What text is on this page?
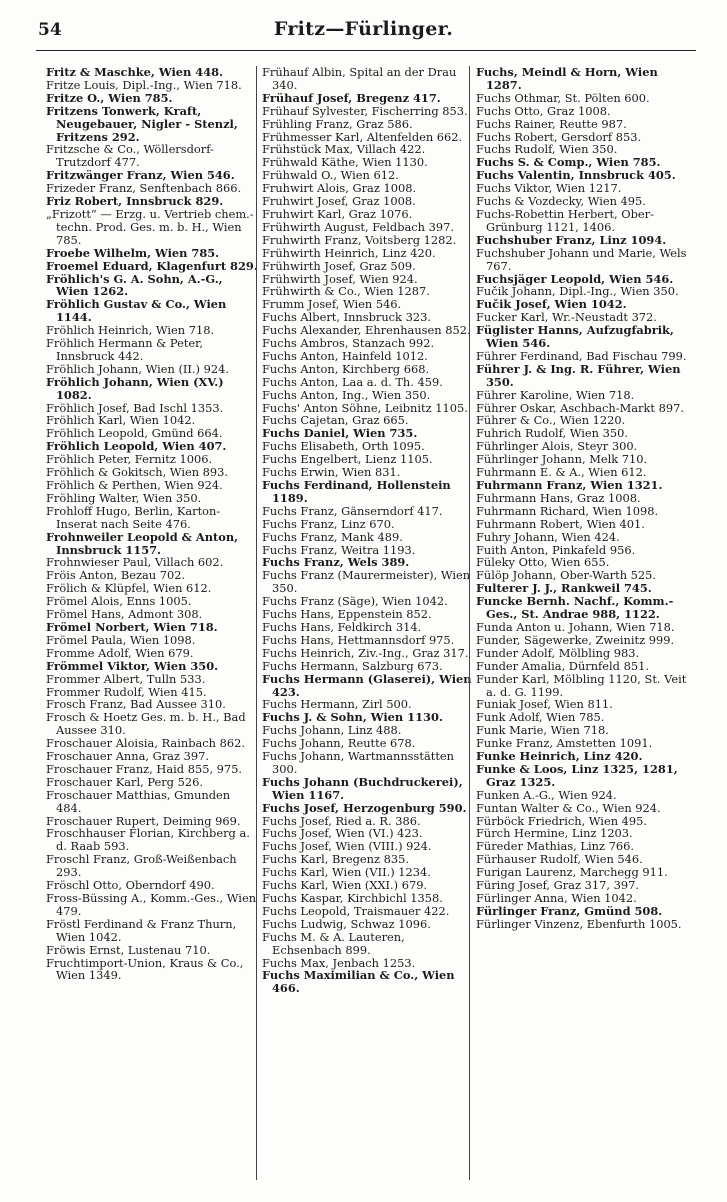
54	Fritz—Fürlinger.

Fritz & Maschke, Wien 448.

Fritze Louis, Dipl.-Ing., Wien 718.

Fritze O., Wien 785.

Fritzens Tonwerk, Kraft, Neugebauer, Nigler - Stenzl, Fritzens 292.

Fritzsche & Co., Wöllersdorf-Trutzdorf 477.

Fritzwänger Franz, Wien 546.

Frizeder Franz, Senftenbach 866.

Friz Robert, Innsbruck 829.

„Frizott“ — Erzg. u. Vertrieb chem.-techn. Prod. Ges. m. b. H., Wien 785.

Froebe Wilhelm, Wien 785.

Froemel Eduard, Klagenfurt 829.

Fröhlich's G. A. Sohn, A.-G., Wien 1262.

Fröhlich Gustav & Co., Wien 1144.

Fröhlich Heinrich, Wien 718.

Fröhlich Hermann & Peter, Innsbruck 442.

Fröhlich Johann, Wien (II.) 924.

Fröhlich Johann, Wien (XV.) 1082.

Fröhlich Josef, Bad Ischl 1353.

Fröhlich Karl, Wien 1042.

Fröhlich Leopold, Gmünd 664.

Fröhlich Leopold, Wien 407.

Fröhlich Peter, Fernitz 1006.

Fröhlich & Gokitsch, Wien 893.

Fröhlich & Perthen, Wien 924.

Fröhling Walter, Wien 350.

Frohloff Hugo, Berlin, Karton-Inserat nach Seite 476.

Frohnweiler Leopold & Anton, Innsbruck 1157.

Frohnwieser Paul, Villach 602.

Fröis Anton, Bezau 702.

Frölich & Klüpfel, Wien 612.

Frömel Alois, Enns 1005.

Frömel Hans, Admont 308.

Frömel Norbert, Wien 718.

Frömel Paula, Wien 1098.

Fromme Adolf, Wien 679.

Frömmel Viktor, Wien 350.

Frommer Albert, Tulln 533.

Frommer Rudolf, Wien 415.

Frosch Franz, Bad Aussee 310.

Frosch & Hoetz Ges. m. b. H., Bad Aussee 310.

Froschauer Aloisia, Rainbach 862.

Froschauer Anna, Graz 397.

Froschauer Franz, Haid 855, 975.

Froschauer Karl, Perg 526.

Froschauer Matthias, Gmunden 484.

Froschauer Rupert, Deiming 969.

Froschhauser Florian, Kirchberg a. d. Raab 593.

Froschl Franz, Groß-Weißenbach 293.

Fröschl Otto, Oberndorf 490.

Fross-Büssing A., Komm.-Ges., Wien 479.

Fröstl Ferdinand & Franz Thurn, Wien 1042.

Fröwis Ernst, Lustenau 710.

Fruchtimport-Union, Kraus & Co., Wien 1349.

Frühauf Albin, Spital an der Drau 340.

Frühauf Josef, Bregenz 417.

Frühauf Sylvester, Fischerring 853.

Frühling Franz, Graz 586.

Frühmesser Karl, Altenfelden 662.

Frühstück Max, Villach 422.

Frühwald Käthe, Wien 1130.

Frühwald O., Wien 612.

Fruhwirt Alois, Graz 1008.

Fruhwirt Josef, Graz 1008.

Fruhwirt Karl, Graz 1076.

Frühwirth August, Feldbach 397.

Fruhwirth Franz, Voitsberg 1282.

Frühwirth Heinrich, Linz 420.

Frühwirth Josef, Graz 509.

Frühwirth Josef, Wien 924.

Frühwirth & Co., Wien 1287.

Frumm Josef, Wien 546.

Fuchs Albert, Innsbruck 323.

Fuchs Alexander, Ehrenhausen 852.

Fuchs Ambros, Stanzach 992.

Fuchs Anton, Hainfeld 1012.

Fuchs Anton, Kirchberg 668.

Fuchs Anton, Laa a. d. Th. 459.

Fuchs Anton, Ing., Wien 350.

Fuchs' Anton Söhne, Leibnitz 1105.

Fuchs Cajetan, Graz 665.

Fuchs Daniel, Wien 735.

Fuchs Elisabeth, Orth 1095.

Fuchs Engelbert, Lienz 1105.

Fuchs Erwin, Wien 831.

Fuchs Ferdinand, Hollenstein 1189.

Fuchs Franz, Gänserndorf 417.

Fuchs Franz, Linz 670.

Fuchs Franz, Mank 489.

Fuchs Franz, Weitra 1193.

Fuchs Franz, Wels 389.

Fuchs Franz (Maurermeister), Wien 350.

Fuchs Franz (Säge), Wien 1042.

Fuchs Hans, Eppenstein 852.

Fuchs Hans, Feldkirch 314.

Fuchs Hans, Hettmannsdorf 975.

Fuchs Heinrich, Ziv.-Ing., Graz 317.

Fuchs Hermann, Salzburg 673.

Fuchs Hermann (Glaserei), Wien 423.

Fuchs Hermann, Zirl 500.

Fuchs J. & Sohn, Wien 1130.

Fuchs Johann, Linz 488.

Fuchs Johann, Reutte 678.

Fuchs Johann, Wartmannsstätten 300.

Fuchs Johann (Buchdruckerei), Wien 1167.

Fuchs Josef, Herzogenburg 590.

Fuchs Josef, Ried a. R. 386.

Fuchs Josef, Wien (VI.) 423.

Fuchs Josef, Wien (VIII.) 924.

Fuchs Karl, Bregenz 835.

Fuchs Karl, Wien (VII.) 1234.

Fuchs Karl, Wien (XXI.) 679.

Fuchs Kaspar, Kirchbichl 1358.

Fuchs Leopold, Traismauer 422.

Fuchs Ludwig, Schwaz 1096.

Fuchs M. & A. Lauteren, Echsenbach 899.

Fuchs Max, Jenbach 1253.

Fuchs Maximilian & Co., Wien 466.

Fuchs, Meindl & Horn, Wien 1287.

Fuchs Othmar, St. Pölten 600.

Fuchs Otto, Graz 1008.

Fuchs Rainer, Reutte 987.

Fuchs Robert, Gersdorf 853.

Fuchs Rudolf, Wien 350.

Fuchs S. & Comp., Wien 785.

Fuchs Valentin, Innsbruck 405.

Fuchs Viktor, Wien 1217.

Fuchs & Vozdecky, Wien 495.

Fuchs-Robettin Herbert, Ober-Grünburg 1121, 1406.

Fuchshuber Franz, Linz 1094.

Fuchshuber Johann und Marie, Wels 767.

Fuchsjäger Leopold, Wien 546.

Fučik Johann, Dipl.-Ing., Wien 350.

Fučik Josef, Wien 1042.

Fucker Karl, Wr.-Neustadt 372.

Füglister Hanns, Aufzugfabrik, Wien 546.

Führer Ferdinand, Bad Fischau 799.

Führer J. & Ing. R. Führer, Wien 350.

Führer Karoline, Wien 718.

Führer Oskar, Aschbach-Markt 897.

Führer & Co., Wien 1220.

Fuhrich Rudolf, Wien 350.

Führlinger Alois, Steyr 300.

Führlinger Johann, Melk 710.

Fuhrmann E. & A., Wien 612.

Fuhrmann Franz, Wien 1321.

Fuhrmann Hans, Graz 1008.

Fuhrmann Richard, Wien 1098.

Fuhrmann Robert, Wien 401.

Fuhry Johann, Wien 424.

Fuith Anton, Pinkafeld 956.

Füleky Otto, Wien 655.

Fülöp Johann, Ober-Warth 525.

Fulterer J. J., Rankweil 745.

Funcke Bernh. Nachf., Komm.-Ges., St. Andrae 988, 1122.

Funda Anton u. Johann, Wien 718.

Funder, Sägewerke, Zweinitz 999.

Funder Adolf, Mölbling 983.

Funder Amalia, Dürnfeld 851.

Funder Karl, Mölbling 1120, St. Veit a. d. G. 1199.

Funiak Josef, Wien 811.

Funk Adolf, Wien 785.

Funk Marie, Wien 718.

Funke Franz, Amstetten 1091.

Funke Heinrich, Linz 420.

Funke & Loos, Linz 1325, 1281, Graz 1325.

Funken A.-G., Wien 924.

Funtan Walter & Co., Wien 924.

Fürböck Friedrich, Wien 495.

Fürch Hermine, Linz 1203.

Füreder Mathias, Linz 766.

Fürhauser Rudolf, Wien 546.

Furigan Laurenz, Marchegg 911.

Füring Josef, Graz 317, 397.

Fürlinger Anna, Wien 1042.

Fürlinger Franz, Gmünd 508.

Fürlinger Vinzenz, Ebenfurth 1005.
